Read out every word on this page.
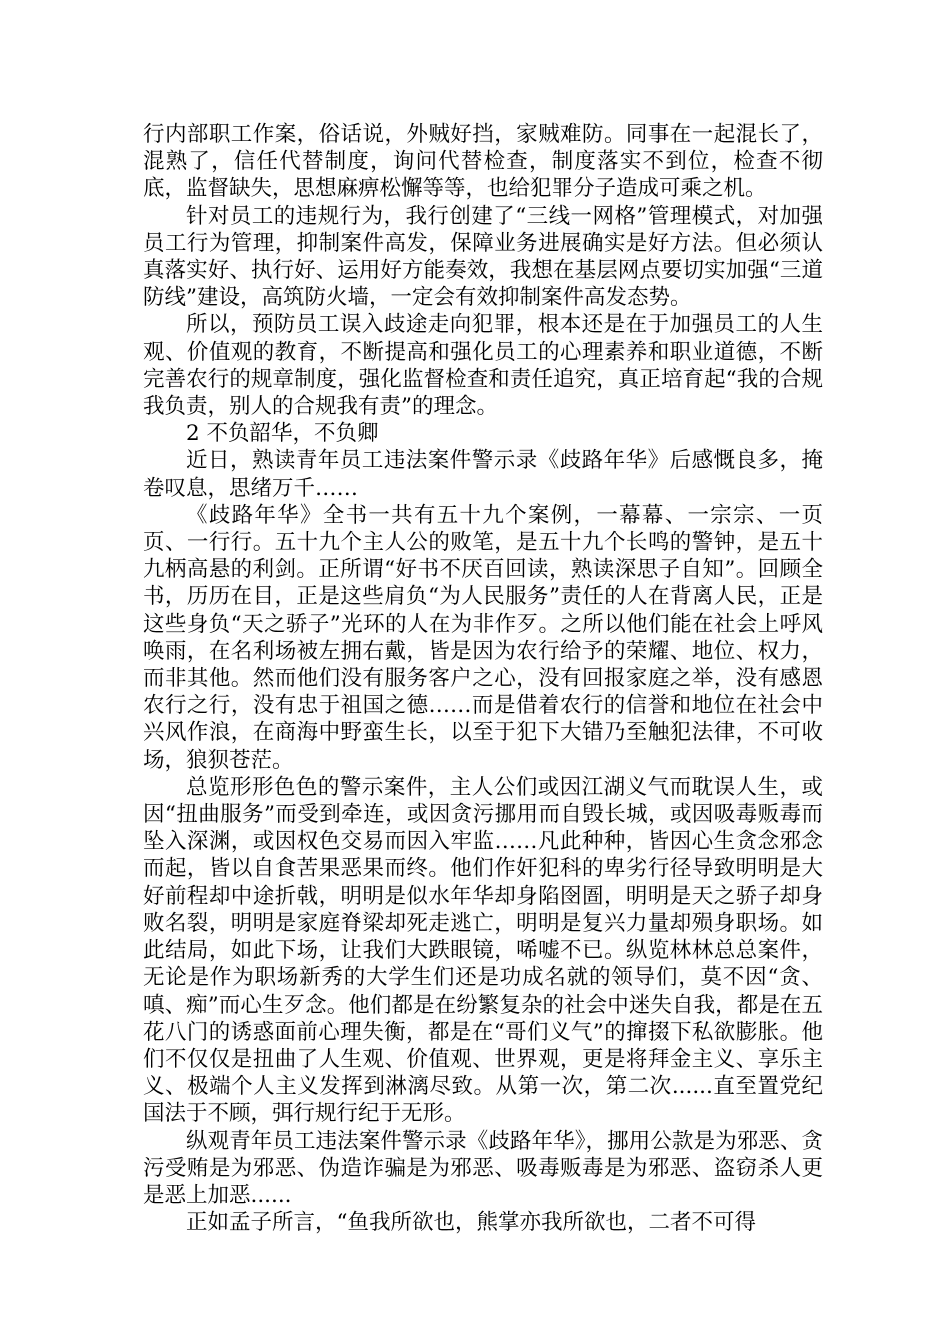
行内部职工作案，俗话说，外贼好挡，家贼难防。同事在一起混长了，混熟了，信任代替制度，询问代替检查，制度落实不到位，检查不彻底，监督缺失，思想麻痹松懈等等，也给犯罪分子造成可乘之机。

针对员工的违规行为，我行创建了“三线一网格”管理模式，对加强员工行为管理，抑制案件高发，保障业务进展确实是好方法。但必须认真落实好、执行好、运用好方能奏效，我想在基层网点要切实加强“三道防线”建设，高筑防火墙，一定会有效抑制案件高发态势。

所以，预防员工误入歧途走向犯罪，根本还是在于加强员工的人生观、价值观的教育，不断提高和强化员工的心理素养和职业道德，不断完善农行的规章制度，强化监督检查和责任追究，真正培育起“我的合规我负责，别人的合规我有责”的理念。

2 不负韶华，不负卿

近日，熟读青年员工违法案件警示录《歧路年华》后感慨良多，掩卷叹息，思绪万千……

《歧路年华》全书一共有五十九个案例，一幕幕、一宗宗、一页页、一行行。五十九个主人公的败笔，是五十九个长鸣的警钟，是五十九柄高悬的利剑。正所谓“好书不厌百回读，熟读深思子自知”。回顾全书，历历在目，正是这些肩负“为人民服务”责任的人在背离人民，正是这些身负“天之骄子”光环的人在为非作歹。之所以他们能在社会上呼风唤雨，在名利场被左拥右戴，皆是因为农行给予的荣耀、地位、权力，而非其他。然而他们没有服务客户之心，没有回报家庭之举，没有感恩农行之行，没有忠于祖国之德……而是借着农行的信誉和地位在社会中兴风作浪，在商海中野蛮生长，以至于犯下大错乃至触犯法律，不可收场，狼狈苍茫。

总览形形色色的警示案件，主人公们或因江湖义气而耽误人生，或因“扭曲服务”而受到牵连，或因贪污挪用而自毁长城，或因吸毒贩毒而坠入深渊，或因权色交易而因入牢监……凡此种种，皆因心生贪念邪念而起，皆以自食苦果恶果而终。他们作奸犯科的卑劣行径导致明明是大好前程却中途折戟，明明是似水年华却身陷囹圄，明明是天之骄子却身败名裂，明明是家庭脊梁却死走逃亡，明明是复兴力量却殒身职场。如此结局，如此下场，让我们大跌眼镜，唏嘘不已。纵览林林总总案件，无论是作为职场新秀的大学生们还是功成名就的领导们，莫不因“贪、嗔、痴”而心生歹念。他们都是在纷繁复杂的社会中迷失自我，都是在五花八门的诱惑面前心理失衡，都是在“哥们义气”的撺掇下私欲膨胀。他们不仅仅是扭曲了人生观、价值观、世界观，更是将拜金主义、享乐主义、极端个人主义发挥到淋漓尽致。从第一次，第二次......直至置党纪国法于不顾，弭行规行纪于无形。

纵观青年员工违法案件警示录《歧路年华》，挪用公款是为邪恶、贪污受贿是为邪恶、伪造诈骗是为邪恶、吸毒贩毒是为邪恶、盗窃杀人更是恶上加恶......

正如孟子所言，“鱼我所欲也，熊掌亦我所欲也，二者不可得
